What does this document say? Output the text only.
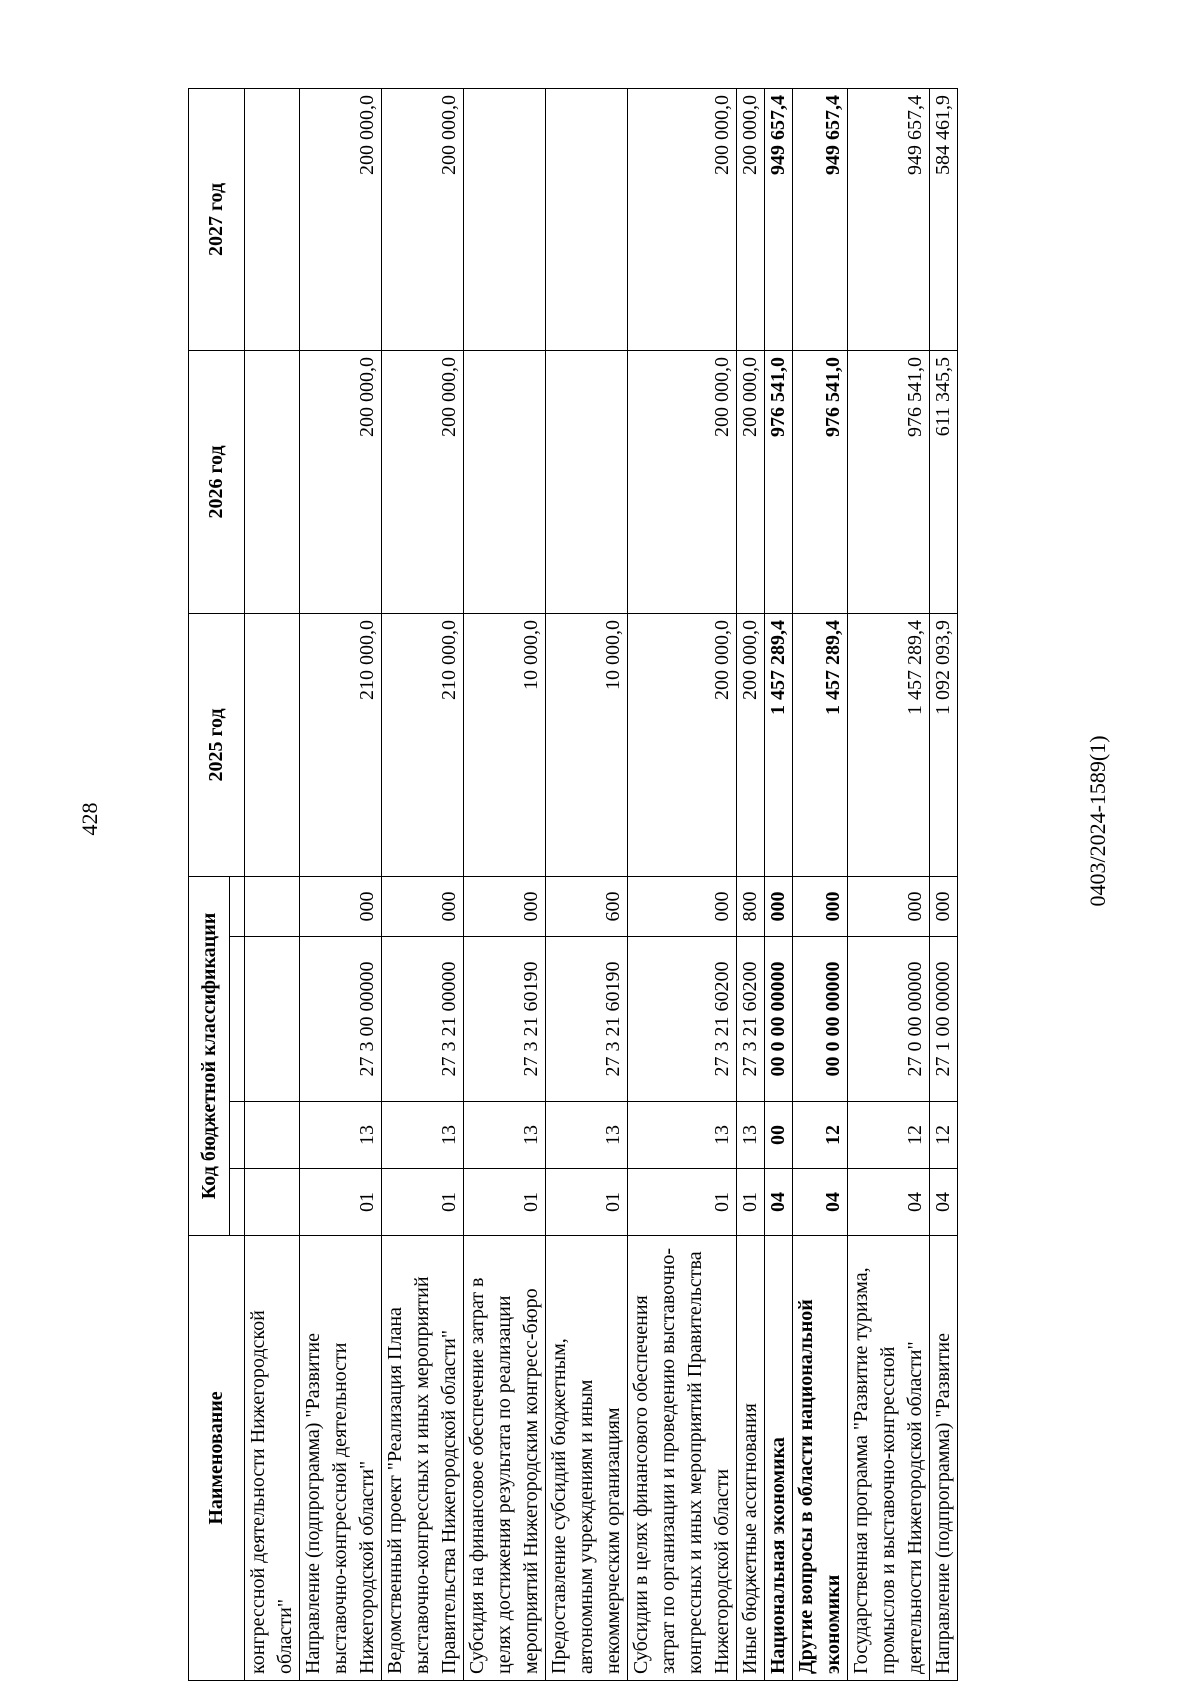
428	0403/2024-1589(1)
Наименование	Код бюджетной классификации				2025 год	2026 год	2027 год

конгрессной деятельности Нижегородской области"							
Направление (подпрограмма) "Развитие выставочно-конгрессной деятельности Нижегородской области"	01	13	27 3 00 00000	000	210 000,0	200 000,0	200 000,0
Ведомственный проект "Реализация Плана выставочно-конгрессных и иных мероприятий Правительства Нижегородской области"	01	13	27 3 21 00000	000	210 000,0	200 000,0	200 000,0
Субсидия на финансовое обеспечение затрат в целях достижения результата по реализации мероприятий Нижегородским конгресс-бюро	01	13	27 3 21 60190	000	10 000,0		
Предоставление субсидий бюджетным, автономным учреждениям и иным некоммерческим организациям	01	13	27 3 21 60190	600	10 000,0		
Субсидии в целях финансового обеспечения затрат по организации и проведению выставочно-конгрессных и иных мероприятий Правительства Нижегородской области	01	13	27 3 21 60200	000	200 000,0	200 000,0	200 000,0
Иные бюджетные ассигнования	01	13	27 3 21 60200	800	200 000,0	200 000,0	200 000,0
Национальная экономика	04	00	00 0 00 00000	000	1 457 289,4	976 541,0	949 657,4
Другие вопросы в области национальной экономики	04	12	00 0 00 00000	000	1 457 289,4	976 541,0	949 657,4
Государственная программа "Развитие туризма, промыслов и выставочно-конгрессной деятельности Нижегородской области"	04	12	27 0 00 00000	000	1 457 289,4	976 541,0	949 657,4
Направление (подпрограмма) "Развитие	04	12	27 1 00 00000	000	1 092 093,9	611 345,5	584 461,9
